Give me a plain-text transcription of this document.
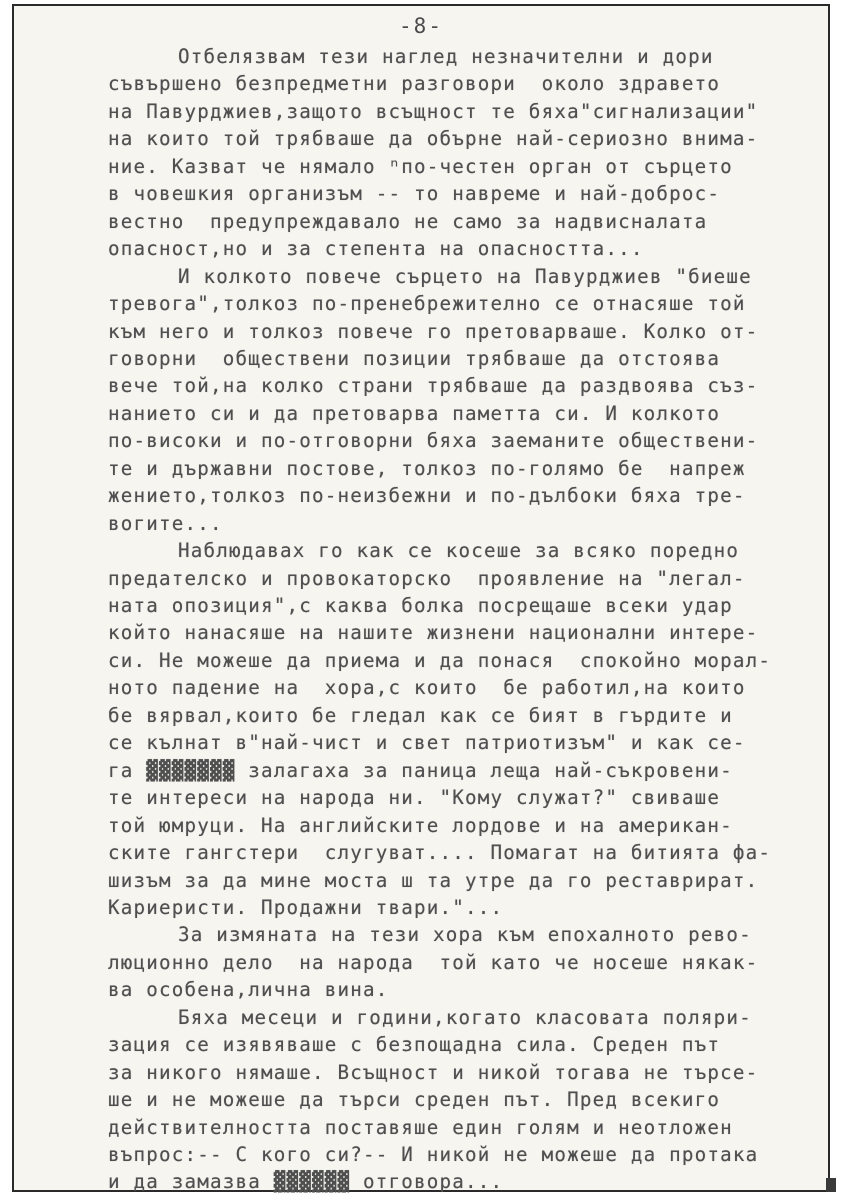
-8-
Отбелязвам тези наглед незначителни и дори
съвършено безпредметни разговори  около здравето
на Павурджиев,защото всъщност те бяха"сигнализации"
на които той трябваше да обърне най-сериозно внима-
ние. Казват че нямало ⁠ⁿпо-честен орган от сърцето
в човешкия организъм -- то навреме и най-доброс-
вестно  предупреждавало не само за надвисналата
опасност,но и за степента на опасността...
И колкото повече сърцето на Павурджиев "биеше
тревога",толкоз по-пренебрежително се отнасяше той
към него и толкоз повече го претоварваше. Колко от-
говорни  обществени позиции трябваше да отстоява
вече той,на колко страни трябваше да раздвоява съз-
нанието си и да претоварва паметта си. И колкото
по-високи и по-отговорни бяха заеманите обществени-
те и държавни постове, толкоз по-голямо бе  напреж
жението,толкоз по-неизбежни и по-дълбоки бяха тре-
вогите...
Наблюдавах го как се косеше за всяко поредно
предателско и провокаторско  проявление на "легал-
ната опозиция",с каква болка посрещаше всеки удар
който нанасяше на нашите жизнени национални интере-
си. Не можеше да приема и да понася  спокойно морал-
ното падение на  хора,с които  бе работил,на които
бе вярвал,които бе гледал как се бият в гърдите и
се кълнат в"най-чист и свет патриотизъм" и как се-
га ▓▓▓▓▓▓▓ залагаха за паница леща най-съкровени-
те интереси на народа ни. "Кому служат?" свиваше
той юмруци. На английските лордове и на американ-
ските гангстери  слугуват.... Помагат на битията фа-
шизъм за да мине моста ш та утре да го реставрират.
Кариеристи. Продажни твари."...
За измяната на тези хора към епохалното рево-
люционно дело  на народа  той като че носеше някак-
ва особена,лична вина.
Бяха месеци и години,когато класовата поляри-
зация се изявяваше с безпощадна сила. Среден път
за никого нямаше. Всъщност и никой тогава не търсе-
ше и не можеше да търси среден път. Пред всекиго
действителността поставяше един голям и неотложен
въпрос:-- С кого си?-- И никой не можеше да протака
и да замазва ▓▓▓▓▓▓ отговора...
